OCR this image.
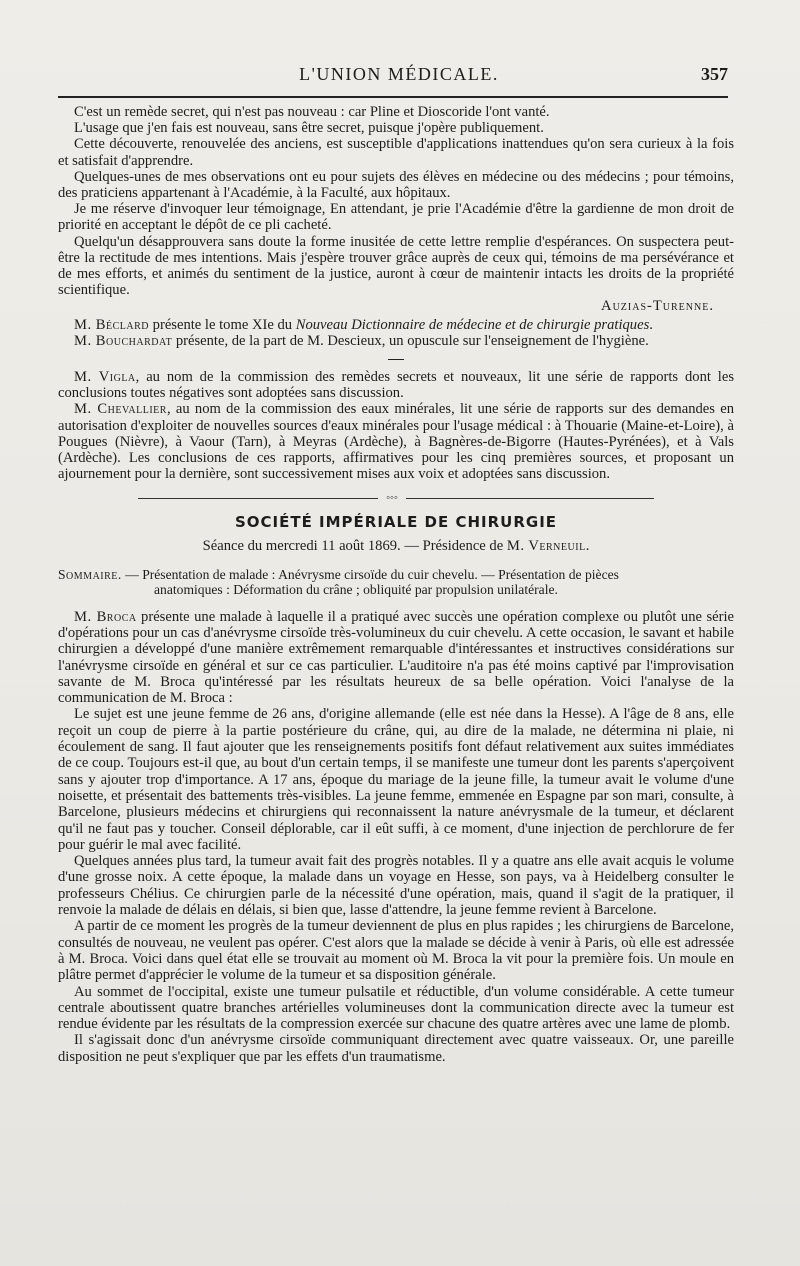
L'UNION MÉDICALE.	357

C'est un remède secret, qui n'est pas nouveau : car Pline et Dioscoride l'ont vanté.

L'usage que j'en fais est nouveau, sans être secret, puisque j'opère publiquement.

Cette découverte, renouvelée des anciens, est susceptible d'applications inattendues qu'on sera curieux à la fois et satisfait d'apprendre.

Quelques-unes de mes observations ont eu pour sujets des élèves en médecine ou des médecins ; pour témoins, des praticiens appartenant à l'Académie, à la Faculté, aux hôpitaux.

Je me réserve d'invoquer leur témoignage, En attendant, je prie l'Académie d'être la gardienne de mon droit de priorité en acceptant le dépôt de ce pli cacheté.

Quelqu'un désapprouvera sans doute la forme inusitée de cette lettre remplie d'espérances. On suspectera peut-être la rectitude de mes intentions. Mais j'espère trouver grâce auprès de ceux qui, témoins de ma persévérance et de mes efforts, et animés du sentiment de la justice, auront à cœur de maintenir intacts les droits de la propriété scientifique.

Auzias-Turenne.

M. Béclard présente le tome XIe du Nouveau Dictionnaire de médecine et de chirurgie pratiques.

M. Bouchardat présente, de la part de M. Descieux, un opuscule sur l'enseignement de l'hygiène.

M. Vigla, au nom de la commission des remèdes secrets et nouveaux, lit une série de rapports dont les conclusions toutes négatives sont adoptées sans discussion.

M. Chevallier, au nom de la commission des eaux minérales, lit une série de rapports sur des demandes en autorisation d'exploiter de nouvelles sources d'eaux minérales pour l'usage médical : à Thouarie (Maine-et-Loire), à Pougues (Nièvre), à Vaour (Tarn), à Meyras (Ardèche), à Bagnères-de-Bigorre (Hautes-Pyrénées), et à Vals (Ardèche). Les conclusions de ces rapports, affirmatives pour les cinq premières sources, et proposant un ajournement pour la dernière, sont successivement mises aux voix et adoptées sans discussion.

◦◦◦
SOCIÉTÉ IMPÉRIALE DE CHIRURGIE

Séance du mercredi 11 août 1869. — Présidence de M. Verneuil.

Sommaire. — Présentation de malade : Anévrysme cirsoïde du cuir chevelu. — Présentation de pièces
anatomiques : Déformation du crâne ; obliquité par propulsion unilatérale.

M. Broca présente une malade à laquelle il a pratiqué avec succès une opération complexe ou plutôt une série d'opérations pour un cas d'anévrysme cirsoïde très-volumineux du cuir chevelu. A cette occasion, le savant et habile chirurgien a développé d'une manière extrêmement remarquable d'intéressantes et instructives considérations sur l'anévrysme cirsoïde en général et sur ce cas particulier. L'auditoire n'a pas été moins captivé par l'improvisation savante de M. Broca qu'intéressé par les résultats heureux de sa belle opération. Voici l'analyse de la communication de M. Broca :

Le sujet est une jeune femme de 26 ans, d'origine allemande (elle est née dans la Hesse). A l'âge de 8 ans, elle reçoit un coup de pierre à la partie postérieure du crâne, qui, au dire de la malade, ne détermina ni plaie, ni écoulement de sang. Il faut ajouter que les renseignements positifs font défaut relativement aux suites immédiates de ce coup. Toujours est-il que, au bout d'un certain temps, il se manifeste une tumeur dont les parents s'aperçoivent sans y ajouter trop d'importance. A 17 ans, époque du mariage de la jeune fille, la tumeur avait le volume d'une noisette, et présentait des battements très-visibles. La jeune femme, emmenée en Espagne par son mari, consulte, à Barcelone, plusieurs médecins et chirurgiens qui reconnaissent la nature anévrysmale de la tumeur, et déclarent qu'il ne faut pas y toucher. Conseil déplorable, car il eût suffi, à ce moment, d'une injection de perchlorure de fer pour guérir le mal avec facilité.

Quelques années plus tard, la tumeur avait fait des progrès notables. Il y a quatre ans elle avait acquis le volume d'une grosse noix. A cette époque, la malade dans un voyage en Hesse, son pays, va à Heidelberg consulter le professeurs Chélius. Ce chirurgien parle de la nécessité d'une opération, mais, quand il s'agit de la pratiquer, il renvoie la malade de délais en délais, si bien que, lasse d'attendre, la jeune femme revient à Barcelone.

A partir de ce moment les progrès de la tumeur deviennent de plus en plus rapides ; les chirurgiens de Barcelone, consultés de nouveau, ne veulent pas opérer. C'est alors que la malade se décide à venir à Paris, où elle est adressée à M. Broca. Voici dans quel état elle se trouvait au moment où M. Broca la vit pour la première fois. Un moule en plâtre permet d'apprécier le volume de la tumeur et sa disposition générale.

Au sommet de l'occipital, existe une tumeur pulsatile et réductible, d'un volume considérable. A cette tumeur centrale aboutissent quatre branches artérielles volumineuses dont la communication directe avec la tumeur est rendue évidente par les résultats de la compression exercée sur chacune des quatre artères avec une lame de plomb.

Il s'agissait donc d'un anévrysme cirsoïde communiquant directement avec quatre vaisseaux. Or, une pareille disposition ne peut s'expliquer que par les effets d'un traumatisme.
